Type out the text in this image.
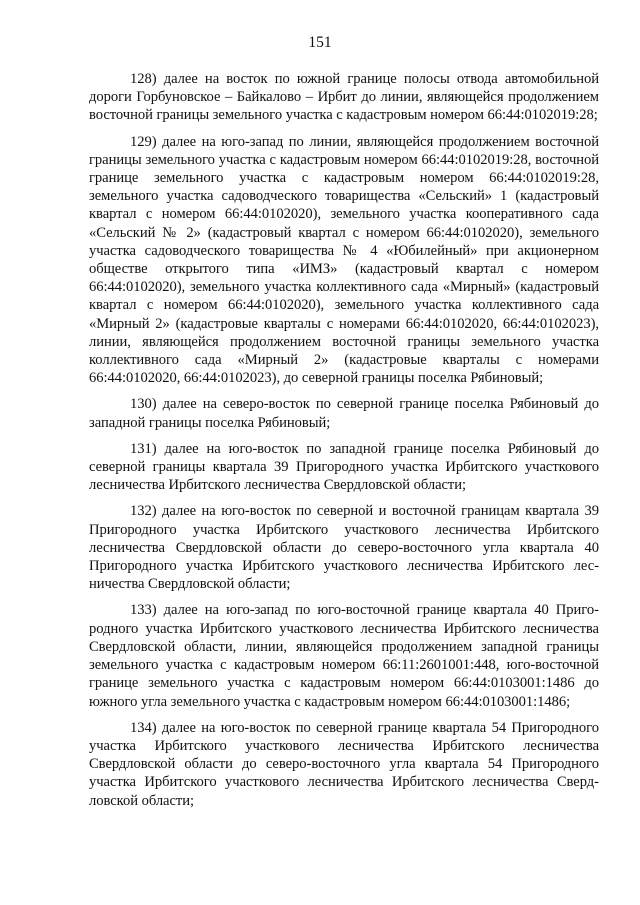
151

128) далее на восток по южной границе полосы отвода автомобильной дороги Горбуновское – Байкалово – Ирбит до линии, являющейся продолжением восточной границы земельного участка с кадастровым номером 66:44:0102019:28;

129) далее на юго-запад по линии, являющейся продолжением восточной границы земельного участка с кадастровым номером 66:44:0102019:28, восточной границе земельного участка с кадастровым номером 66:44:0102019:28, земельного участка садоводческого товарищества «Сельский» 1 (кадастровый квартал с номером 66:44:0102020), земельного участка кооперативного сада «Сельский № 2» (кадастровый квартал с номером 66:44:0102020), земельного участка садоводческого товарищества № 4 «Юбилейный» при акционерном обществе открытого типа «ИМЗ» (кадастровый квартал с номером 66:44:0102020), земельного участка коллективного сада «Мирный» (кадастровый квартал с номером 66:44:0102020), земельного участка коллективного сада «Мирный 2» (кадастровые кварталы с номерами 66:44:0102020, 66:44:0102023), линии, являющейся продолжением восточной границы земельного участка коллективного сада «Мирный 2» (кадастровые кварталы с номерами 66:44:0102020, 66:44:0102023), до северной границы поселка Рябиновый;

130) далее на северо-восток по северной границе поселка Рябиновый до западной границы поселка Рябиновый;

131) далее на юго-восток по западной границе поселка Рябиновый до северной границы квартала 39 Пригородного участка Ирбитского участкового лесничества Ирбитского лесничества Свердловской области;

132) далее на юго-восток по северной и восточной границам квартала 39 Пригородного участка Ирбитского участкового лесничества Ирбитского лесничества Свердловской области до северо-восточного угла квартала 40 Пригородного участка Ирбитского участкового лесничества Ирбитского лесничества Свердловской области;

133) далее на юго-запад по юго-восточной границе квартала 40 Пригородного участка Ирбитского участкового лесничества Ирбитского лесничества Свердловской области, линии, являющейся продолжением западной границы земельного участка с кадастровым номером 66:11:2601001:448, юго-восточной границе земельного участка с кадастровым номером 66:44:0103001:1486 до южного угла земельного участка с кадастровым номером 66:44:0103001:1486;

134) далее на юго-восток по северной границе квартала 54 Пригородного участка Ирбитского участкового лесничества Ирбитского лесничества Свердловской области до северо-восточного угла квартала 54 Пригородного участка Ирбитского участкового лесничества Ирбитского лесничества Свердловской области;
